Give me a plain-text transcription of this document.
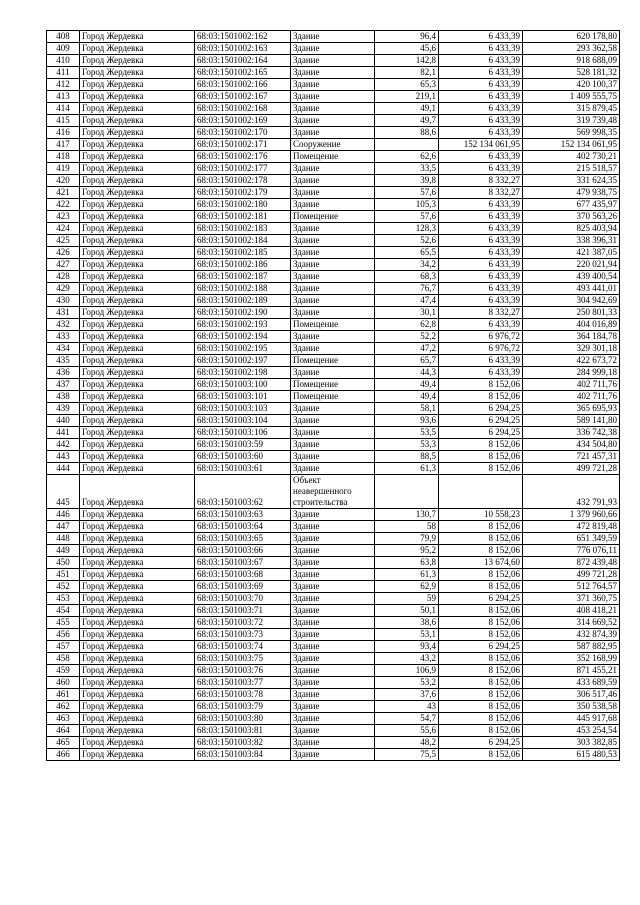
408	Город Жердевка	68:03:1501002:162	Здание	96,4	6 433,39	620 178,80
409	Город Жердевка	68:03:1501002:163	Здание	45,6	6 433,39	293 362,58
410	Город Жердевка	68:03:1501002:164	Здание	142,8	6 433,39	918 688,09
411	Город Жердевка	68:03:1501002:165	Здание	82,1	6 433,39	528 181,32
412	Город Жердевка	68:03:1501002:166	Здание	65,3	6 433,39	420 100,37
413	Город Жердевка	68:03:1501002:167	Здание	219,1	6 433,39	1 409 555,75
414	Город Жердевка	68:03:1501002:168	Здание	49,1	6 433,39	315 879,45
415	Город Жердевка	68:03:1501002:169	Здание	49,7	6 433,39	319 739,48
416	Город Жердевка	68:03:1501002:170	Здание	88,6	6 433,39	569 998,35
417	Город Жердевка	68:03:1501002:171	Сооружение		152 134 061,95	152 134 061,95
418	Город Жердевка	68:03:1501002:176	Помещение	62,6	6 433,39	402 730,21
419	Город Жердевка	68:03:1501002:177	Здание	33,5	6 433,39	215 518,57
420	Город Жердевка	68:03:1501002:178	Здание	39,8	8 332,27	331 624,35
421	Город Жердевка	68:03:1501002:179	Здание	57,6	8 332,27	479 938,75
422	Город Жердевка	68:03:1501002:180	Здание	105,3	6 433,39	677 435,97
423	Город Жердевка	68:03:1501002:181	Помещение	57,6	6 433,39	370 563,26
424	Город Жердевка	68:03:1501002:183	Здание	128,3	6 433,39	825 403,94
425	Город Жердевка	68:03:1501002:184	Здание	52,6	6 433,39	338 396,31
426	Город Жердевка	68:03:1501002:185	Здание	65,5	6 433,39	421 387,05
427	Город Жердевка	68:03:1501002:186	Здание	34,2	6 433,39	220 021,94
428	Город Жердевка	68:03:1501002:187	Здание	68,3	6 433,39	439 400,54
429	Город Жердевка	68:03:1501002:188	Здание	76,7	6 433,39	493 441,01
430	Город Жердевка	68:03:1501002:189	Здание	47,4	6 433,39	304 942,69
431	Город Жердевка	68:03:1501002:190	Здание	30,1	8 332,27	250 801,33
432	Город Жердевка	68:03:1501002:193	Помещение	62,8	6 433,39	404 016,89
433	Город Жердевка	68:03:1501002:194	Здание	52,2	6 976,72	364 184,78
434	Город Жердевка	68:03:1501002:195	Здание	47,2	6 976,72	329 301,18
435	Город Жердевка	68:03:1501002:197	Помещение	65,7	6 433,39	422 673,72
436	Город Жердевка	68:03:1501002:198	Здание	44,3	6 433,39	284 999,18
437	Город Жердевка	68:03:1501003:100	Помещение	49,4	8 152,06	402 711,76
438	Город Жердевка	68:03:1501003:101	Помещение	49,4	8 152,06	402 711,76
439	Город Жердевка	68:03:1501003:103	Здание	58,1	6 294,25	365 695,93
440	Город Жердевка	68:03:1501003:104	Здание	93,6	6 294,25	589 141,80
441	Город Жердевка	68:03:1501003:106	Здание	53,5	6 294,25	336 742,38
442	Город Жердевка	68:03:1501003:59	Здание	53,3	8 152,06	434 504,80
443	Город Жердевка	68:03:1501003:60	Здание	88,5	8 152,06	721 457,31
444	Город Жердевка	68:03:1501003:61	Здание	61,3	8 152,06	499 721,28
445	Город Жердевка	68:03:1501003:62	Объект неавершенного строительства			432 791,93
446	Город Жердевка	68:03:1501003:63	Здание	130,7	10 558,23	1 379 960,66
447	Город Жердевка	68:03:1501003:64	Здание	58	8 152,06	472 819,48
448	Город Жердевка	68:03:1501003:65	Здание	79,9	8 152,06	651 349,59
449	Город Жердевка	68:03:1501003:66	Здание	95,2	8 152,06	776 076,11
450	Город Жердевка	68:03:1501003:67	Здание	63,8	13 674,60	872 439,48
451	Город Жердевка	68:03:1501003:68	Здание	61,3	8 152,06	499 721,28
452	Город Жердевка	68:03:1501003:69	Здание	62,9	8 152,06	512 764,57
453	Город Жердевка	68:03:1501003:70	Здание	59	6 294,25	371 360,75
454	Город Жердевка	68:03:1501003:71	Здание	50,1	8 152,06	408 418,21
455	Город Жердевка	68:03:1501003:72	Здание	38,6	8 152,06	314 669,52
456	Город Жердевка	68:03:1501003:73	Здание	53,1	8 152,06	432 874,39
457	Город Жердевка	68:03:1501003:74	Здание	93,4	6 294,25	587 882,95
458	Город Жердевка	68:03:1501003:75	Здание	43,2	8 152,06	352 168,99
459	Город Жердевка	68:03:1501003:76	Здание	106,9	8 152,06	871 455,21
460	Город Жердевка	68:03:1501003:77	Здание	53,2	8 152,06	433 689,59
461	Город Жердевка	68:03:1501003:78	Здание	37,6	8 152,06	306 517,46
462	Город Жердевка	68:03:1501003:79	Здание	43	8 152,06	350 538,58
463	Город Жердевка	68:03:1501003:80	Здание	54,7	8 152,06	445 917,68
464	Город Жердевка	68:03:1501003:81	Здание	55,6	8 152,06	453 254,54
465	Город Жердевка	68:03:1501003:82	Здание	48,2	6 294,25	303 382,85
466	Город Жердевка	68:03:1501003:84	Здание	75,5	8 152,06	615 480,53
